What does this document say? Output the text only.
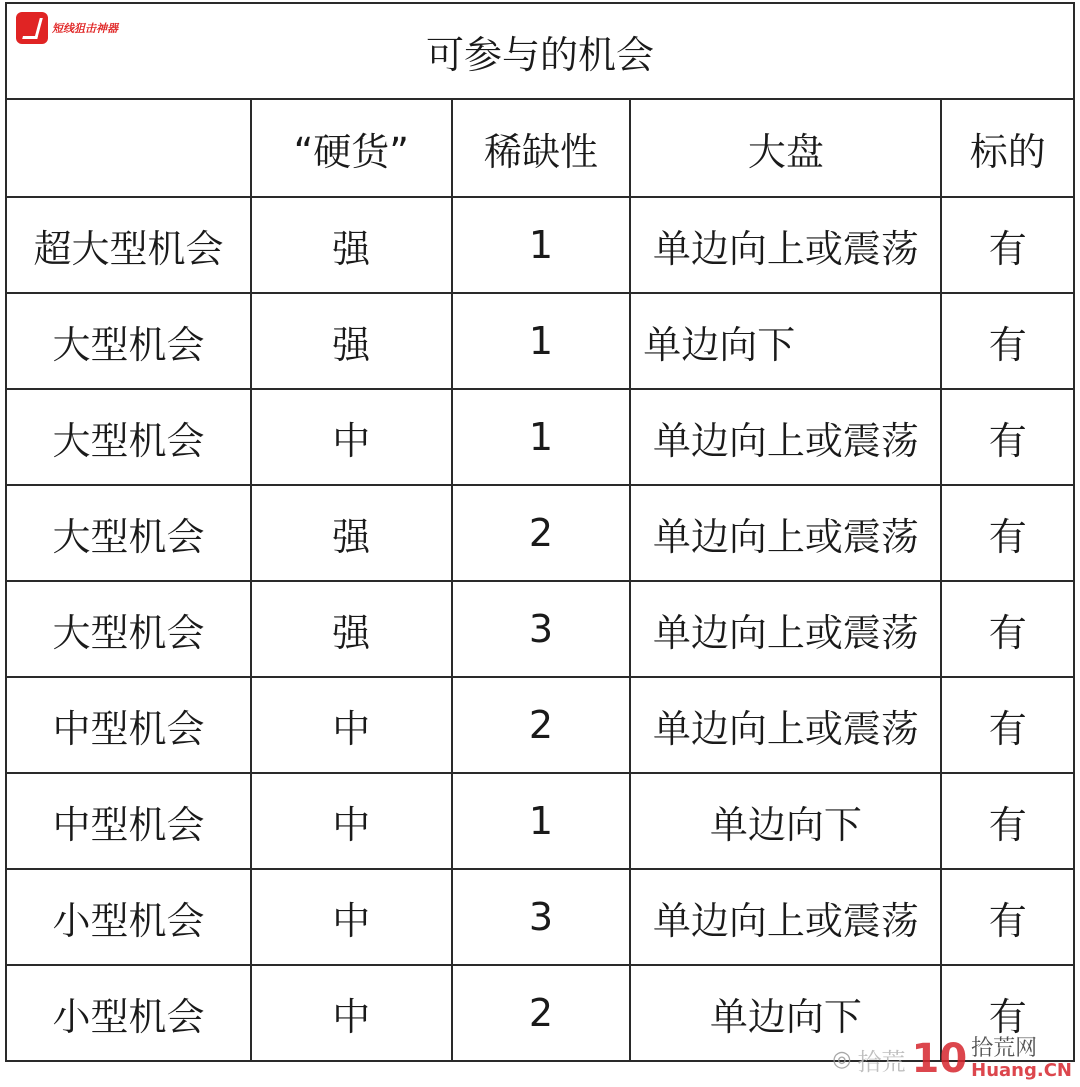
可参与的机会				
	“硬货”	稀缺性	大盘	标的
超大型机会	强	1	单边向上或震荡	有
大型机会	强	1	单边向下	有
大型机会	中	1	单边向上或震荡	有
大型机会	强	2	单边向上或震荡	有
大型机会	强	3	单边向上或震荡	有
中型机会	中	2	单边向上或震荡	有
中型机会	中	1	单边向下	有
小型机会	中	3	单边向上或震荡	有
小型机会	中	2	单边向下	有
短线狙击神器
◎ 拾荒 10 拾荒网
Huang.CN
